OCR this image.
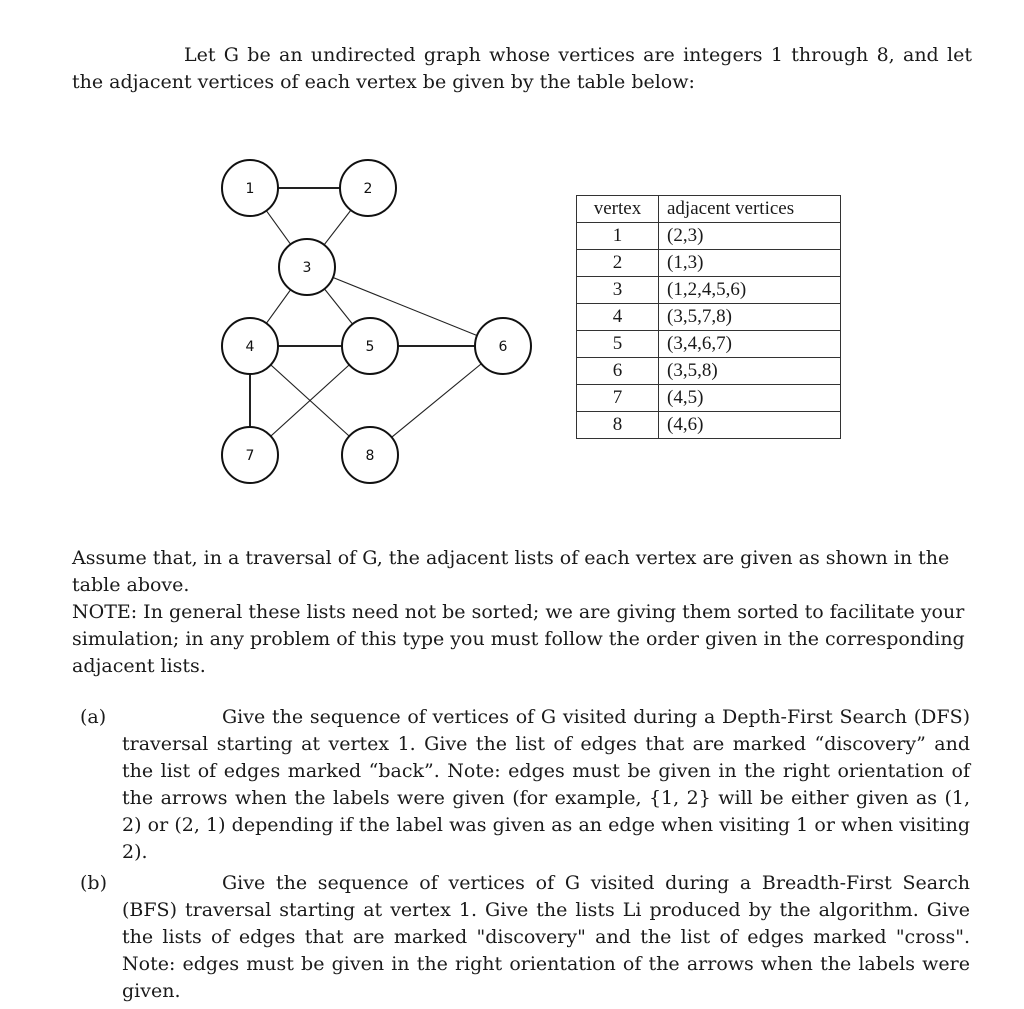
Let G be an undirected graph whose vertices are integers 1 through 8, and let the adjacent vertices of each vertex be given by the table below:
1	2
3
4	5	6
7	8
vertex	adjacent vertices
1	(2,3)
2	(1,3)
3	(1,2,4,5,6)
4	(3,5,7,8)
5	(3,4,6,7)
6	(3,5,8)
7	(4,5)
8	(4,6)
Assume that, in a traversal of G, the adjacent lists of each vertex are given as shown in the table above.
NOTE: In general these lists need not be sorted; we are giving them sorted to facilitate your simulation; in any problem of this type you must follow the order given in the corresponding adjacent lists.
(a)	Give the sequence of vertices of G visited during a Depth-First Search (DFS) traversal starting at vertex 1. Give the list of edges that are marked “discovery” and the list of edges marked “back”. Note: edges must be given in the right orientation of the arrows when the labels were given (for example, {1, 2} will be either given as (1, 2) or (2, 1) depending if the label was given as an edge when visiting 1 or when visiting 2).

(b)	Give the sequence of vertices of G visited during a Breadth-First Search (BFS) traversal starting at vertex 1. Give the lists Li produced by the algorithm. Give the lists of edges that are marked "discovery" and the list of edges marked "cross". Note: edges must be given in the right orientation of the arrows when the labels were given.
